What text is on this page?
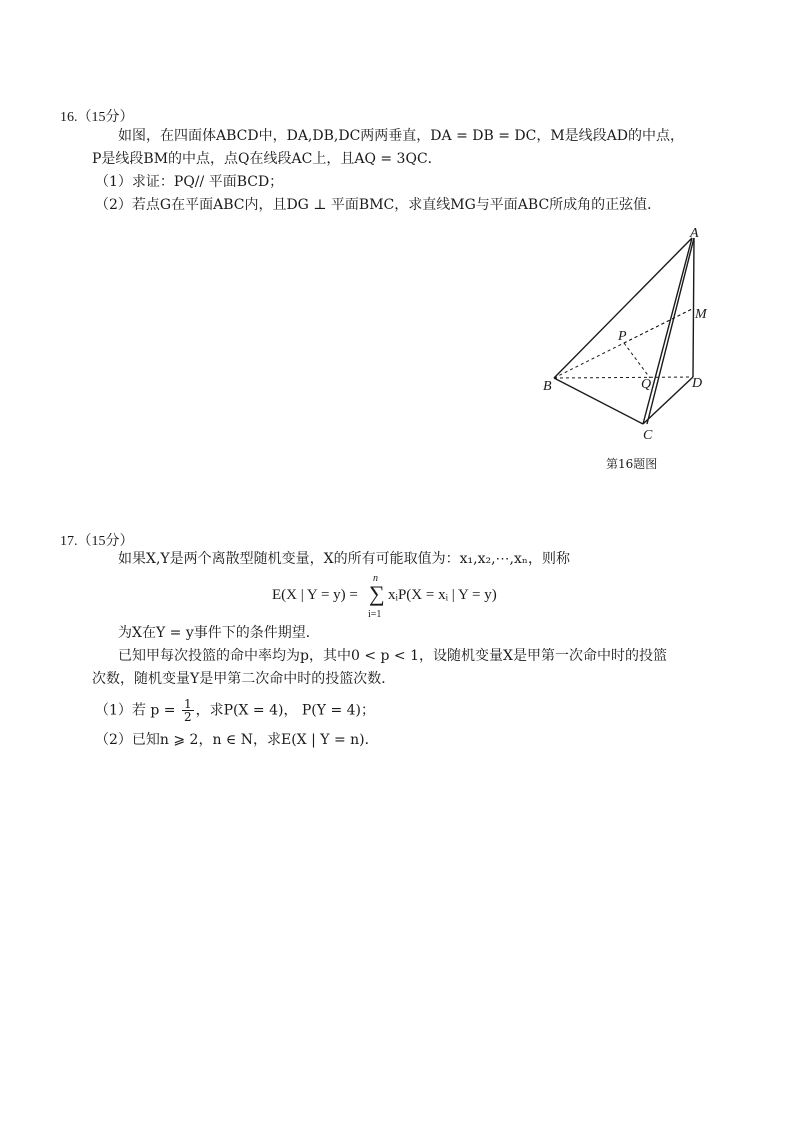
16.（15分）
如图，在四面体ABCD中，DA,DB,DC两两垂直，DA = DB = DC，M是线段AD的中点，
P是线段BM的中点，点Q在线段AC上，且AQ = 3QC．
（1）求证：PQ// 平面BCD；
（2）若点G在平面ABC内，且DG ⊥ 平面BMC，求直线MG与平面ABC所成角的正弦值．
A
M
P
B	Q	D
C
第16题图
17.（15分）
如果X,Y是两个离散型随机变量，X的所有可能取值为：x₁,x₂,⋯,xₙ，则称
E(X | Y = y) =
n
∑
i=1
xᵢP(X = xᵢ | Y = y)
为X在Y = y事件下的条件期望．
已知甲每次投篮的命中率均为p，其中0 < p < 1，设随机变量X是甲第一次命中时的投篮
次数，随机变量Y是甲第二次命中时的投篮次数．
（1）若 $p = \frac{1}{2}$ ，求P(X = 4)， P(Y = 4)；
（2）已知n ⩾ 2，n ∈ N，求E(X | Y = n)．
